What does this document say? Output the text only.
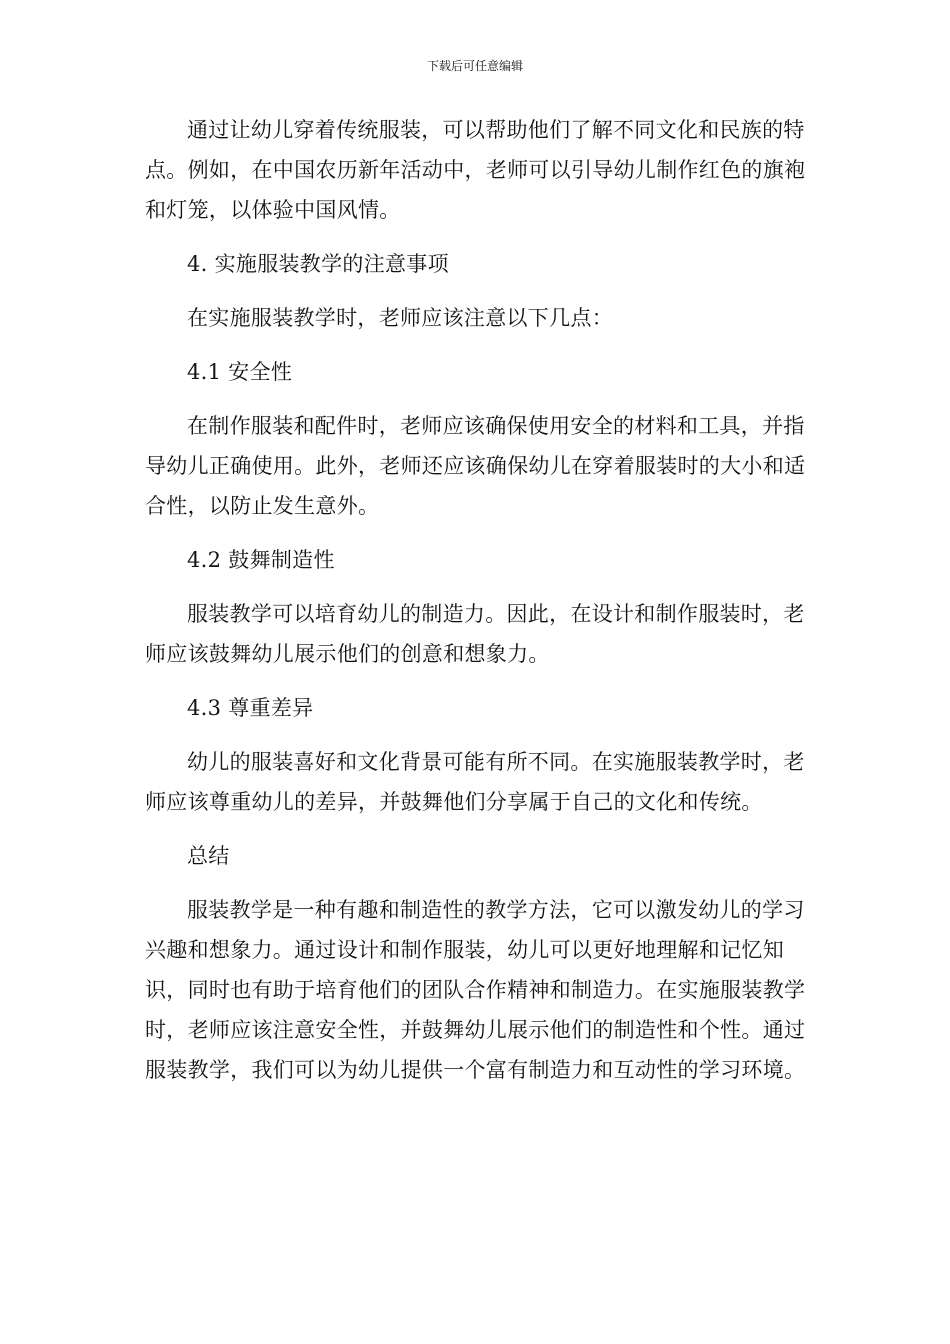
下载后可任意编辑

通过让幼儿穿着传统服装，可以帮助他们了解不同文化和民族的特点。例如，在中国农历新年活动中，老师可以引导幼儿制作红色的旗袍和灯笼，以体验中国风情。

4. 实施服装教学的注意事项

在实施服装教学时，老师应该注意以下几点：

4.1 安全性

在制作服装和配件时，老师应该确保使用安全的材料和工具，并指导幼儿正确使用。此外，老师还应该确保幼儿在穿着服装时的大小和适合性，以防止发生意外。

4.2 鼓舞制造性

服装教学可以培育幼儿的制造力。因此，在设计和制作服装时，老师应该鼓舞幼儿展示他们的创意和想象力。

4.3 尊重差异

幼儿的服装喜好和文化背景可能有所不同。在实施服装教学时，老师应该尊重幼儿的差异，并鼓舞他们分享属于自己的文化和传统。

总结

服装教学是一种有趣和制造性的教学方法，它可以激发幼儿的学习兴趣和想象力。通过设计和制作服装，幼儿可以更好地理解和记忆知识，同时也有助于培育他们的团队合作精神和制造力。在实施服装教学时，老师应该注意安全性，并鼓舞幼儿展示他们的制造性和个性。通过服装教学，我们可以为幼儿提供一个富有制造力和互动性的学习环境。
